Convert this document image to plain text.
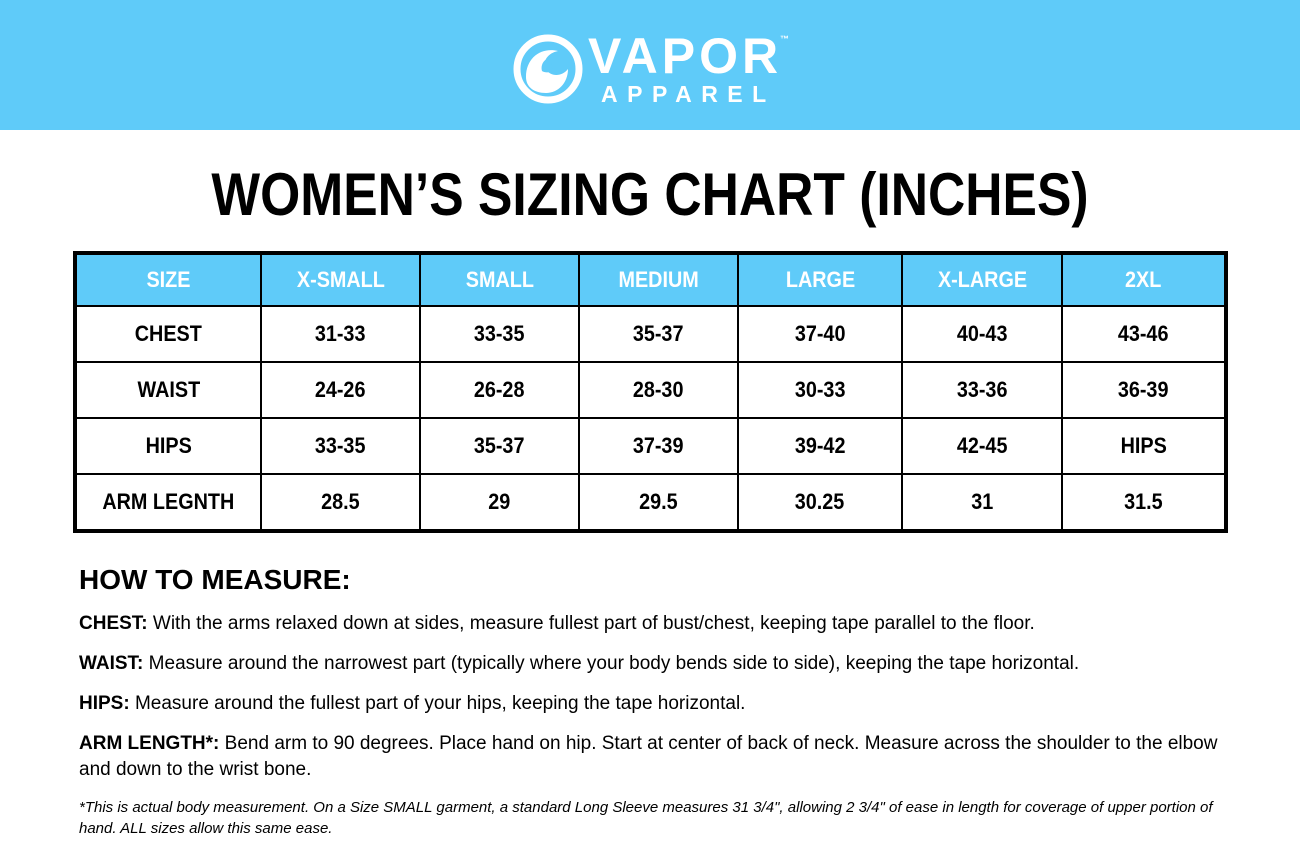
VAPOR
™
APPAREL
WOMEN’S SIZING CHART (INCHES)
SIZE	X-SMALL	SMALL	MEDIUM	LARGE	X-LARGE	2XL
CHEST	31-33	33-35	35-37	37-40	40-43	43-46
WAIST	24-26	26-28	28-30	30-33	33-36	36-39
HIPS	33-35	35-37	37-39	39-42	42-45	HIPS
ARM LEGNTH	28.5	29	29.5	30.25	31	31.5
HOW TO MEASURE:

CHEST: With the arms relaxed down at sides, measure fullest part of bust/chest, keeping tape parallel to the floor.

WAIST: Measure around the narrowest part (typically where your body bends side to side), keeping the tape horizontal.

HIPS: Measure around the fullest part of your hips, keeping the tape horizontal.

ARM LENGTH*: Bend arm to 90 degrees. Place hand on hip. Start at center of back of neck. Measure across the shoulder to the elbow and down to the wrist bone.

*This is actual body measurement. On a Size SMALL garment, a standard Long Sleeve measures 31 3/4", allowing 2 3/4" of ease in length for coverage of upper portion of hand. ALL sizes allow this same ease.
